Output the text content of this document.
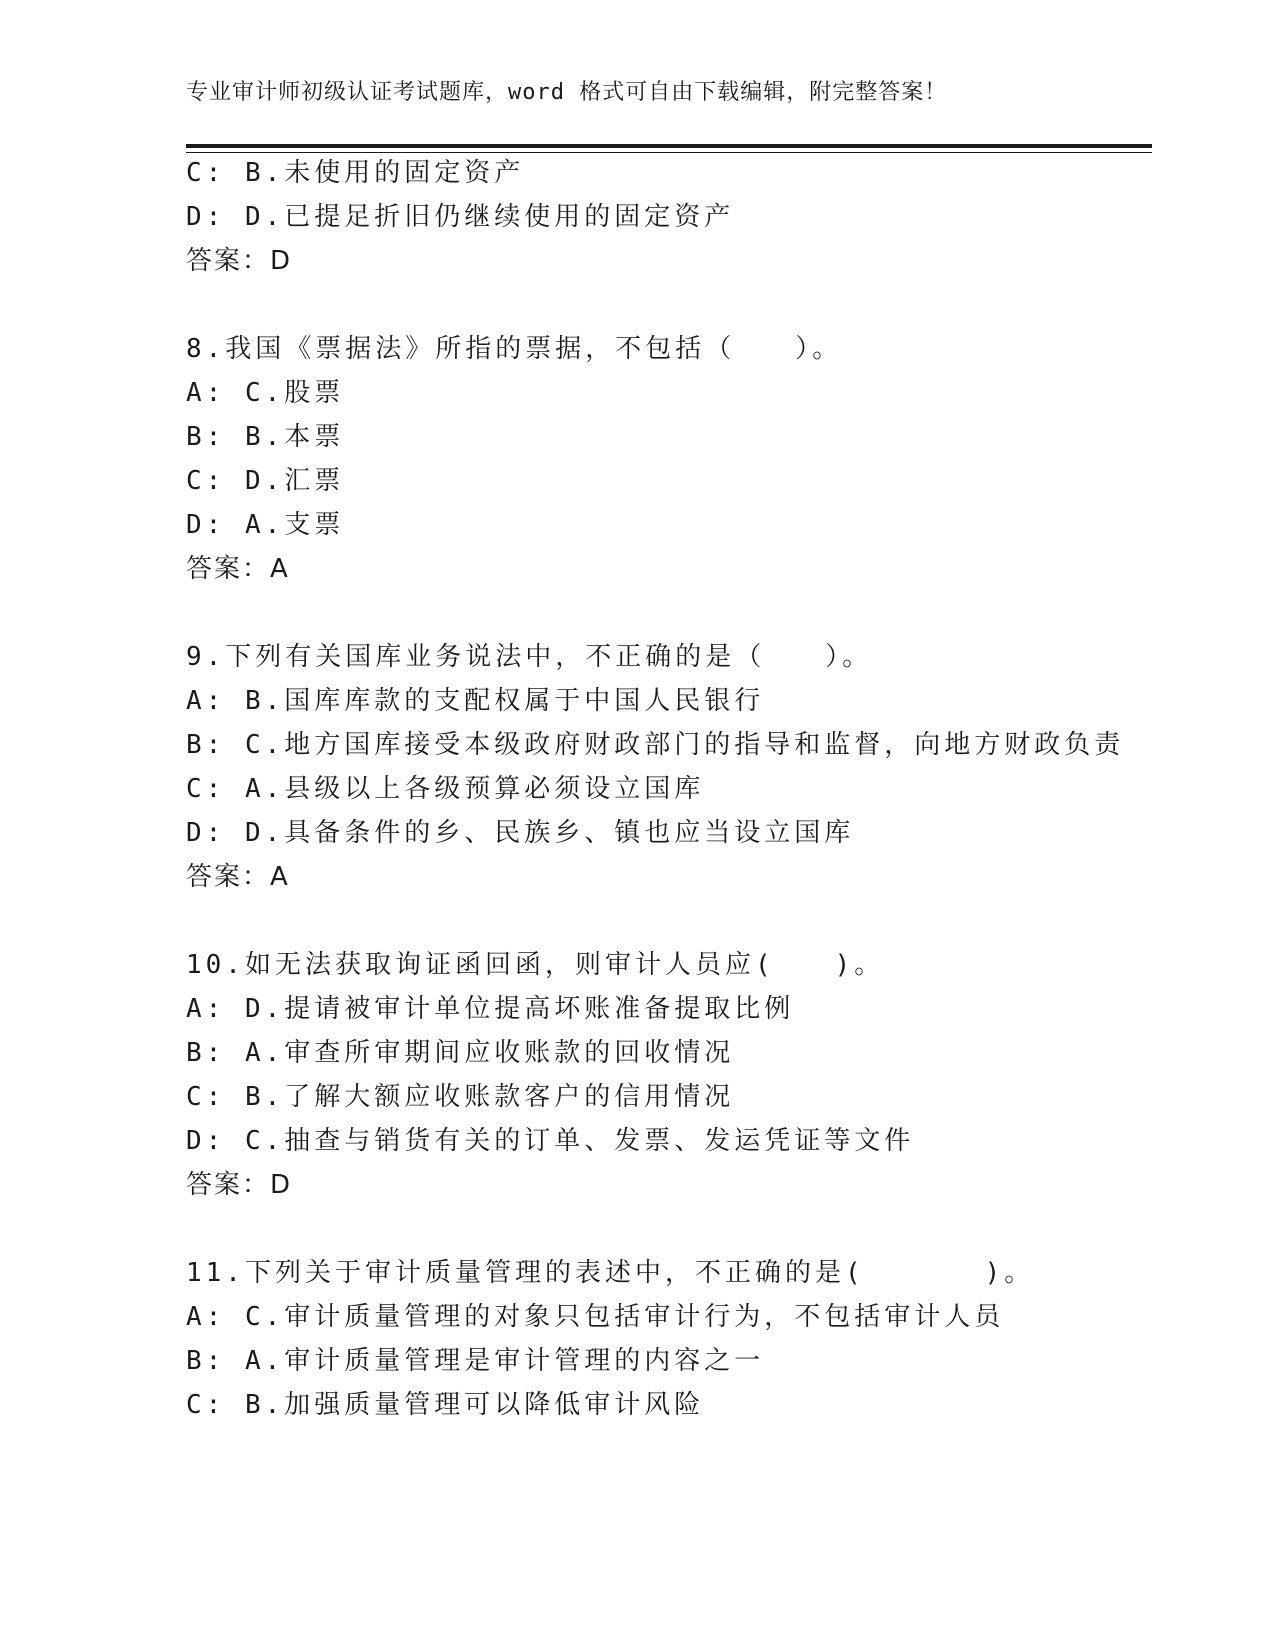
专业审计师初级认证考试题库，word 格式可自由下载编辑，附完整答案！
C: B.未使用的固定资产
D: D.已提足折旧仍继续使用的固定资产
答案：D
8.我国《票据法》所指的票据，不包括（　　）。
A: C.股票
B: B.本票
C: D.汇票
D: A.支票
答案：A
9.下列有关国库业务说法中，不正确的是（　　）。
A: B.国库库款的支配权属于中国人民银行
B: C.地方国库接受本级政府财政部门的指导和监督，向地方财政负责
C: A.县级以上各级预算必须设立国库
D: D.具备条件的乡、民族乡、镇也应当设立国库
答案：A
10.如无法获取询证函回函，则审计人员应(　　)。
A: D.提请被审计单位提高坏账准备提取比例
B: A.审查所审期间应收账款的回收情况
C: B.了解大额应收账款客户的信用情况
D: C.抽查与销货有关的订单、发票、发运凭证等文件
答案：D
11.下列关于审计质量管理的表述中，不正确的是(　　　　)。
A: C.审计质量管理的对象只包括审计行为，不包括审计人员
B: A.审计质量管理是审计管理的内容之一
C: B.加强质量管理可以降低审计风险
